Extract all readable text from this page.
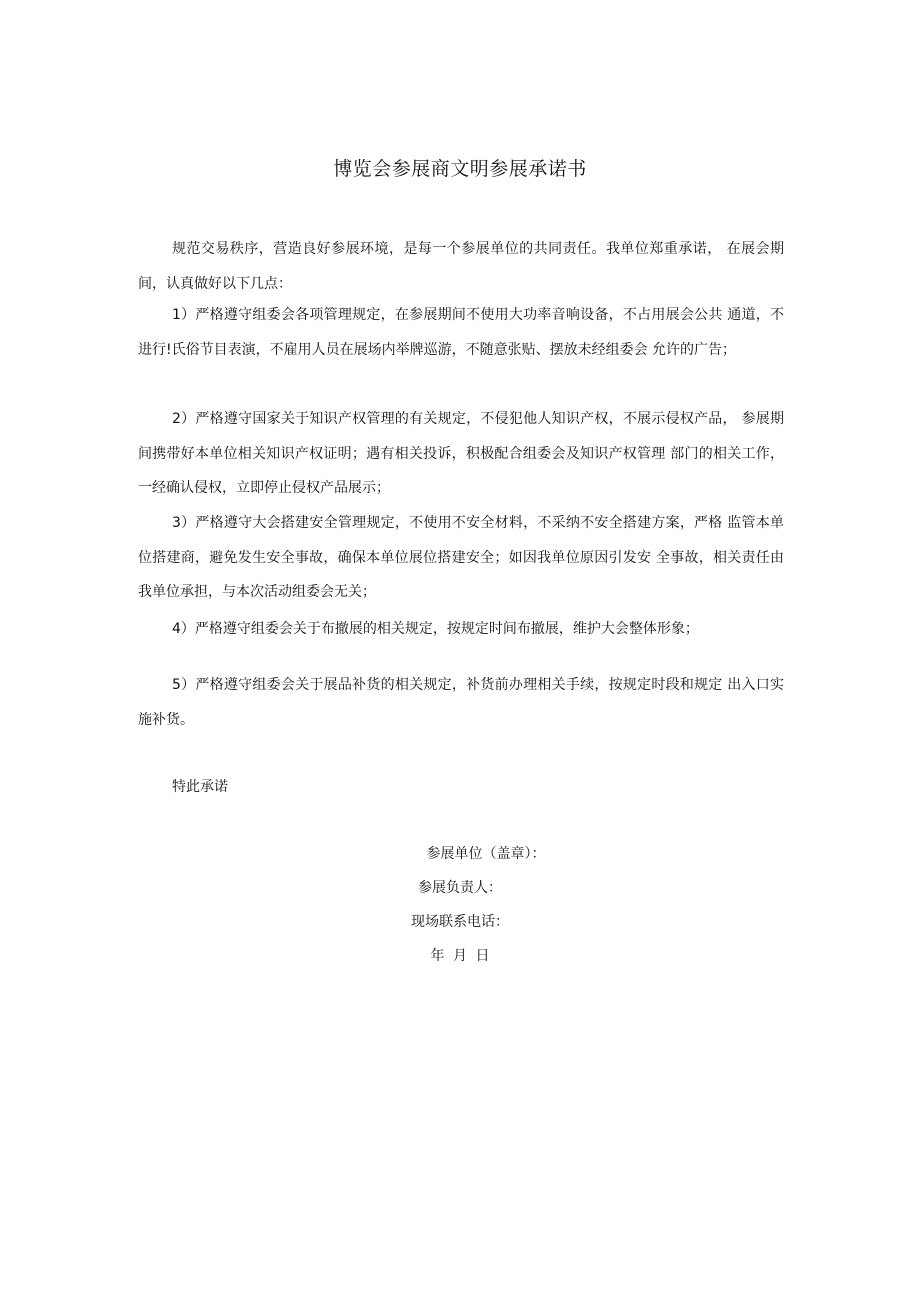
博览会参展商文明参展承诺书

规范交易秩序，营造良好参展环境，是每一个参展单位的共同责任。我单位郑重承诺， 在展会期间，认真做好以下几点：

1）严格遵守组委会各项管理规定，在参展期间不使用大功率音响设备，不占用展会公共 通道，不进行!氏俗节目表演，不雇用人员在展场内举牌巡游，不随意张贴、摆放未经组委会 允许的广告；

2）严格遵守国家关于知识产权管理的有关规定，不侵犯他人知识产权，不展示侵权产品， 参展期间携带好本单位相关知识产权证明；遇有相关投诉，积极配合组委会及知识产权管理 部门的相关工作，一经确认侵权，立即停止侵权产品展示；

3）严格遵守大会搭建安全管理规定，不使用不安全材料，不采纳不安全搭建方案，严格 监管本单位搭建商，避免发生安全事故，确保本单位展位搭建安全；如因我单位原因引发安 全事故，相关责任由我单位承担，与本次活动组委会无关；

4）严格遵守组委会关于布撤展的相关规定，按规定时间布撤展，维护大会整体形象；

5）严格遵守组委会关于展品补货的相关规定，补货前办理相关手续，按规定时段和规定 出入口实施补货。

特此承诺
参展单位（盖章）：
参展负责人：
现场联系电话：
年 月 日
